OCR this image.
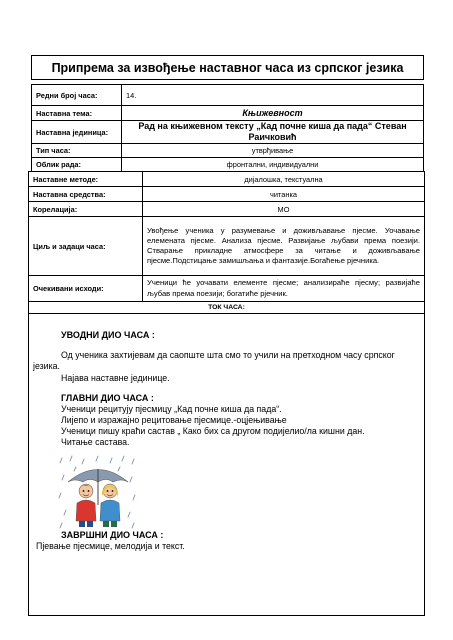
Припрема за извођење наставног часа из српског језика
Редни број часа:	14.
Наставна тема:	Књижевност
Наставна јединица:	Рад на књижевном тексту „Кад почне киша да пада“ Стеван Раичковић
Тип часа:	утврђивање
Облик рада:	фронтални, индивидуални
Наставне методе:	дијалошка, текстуална
Наставна средства:	читанка
Корелација:	МО
Циљ и задаци часа:	Увођење ученика у разумевање и доживљавање пјесме. Уочавање елемената пјесме. Анализа пјесме. Развијање љубави према поезији. Стварање прикладне атмосфере за читање и доживљавање пјесме.Подстицање замишљања и фантазије.Богаћење рјечника.
Очекивани исходи:	Ученици ће уочавати елементе пјесме; анализираће пјесму; развијаће љубав према поезији; богатиће рјечник.
ТОК ЧАСА:	
УВОДНИ ДИО ЧАСА :
Од ученика захтијевам да саопште шта смо то учили на претходном часу српског језика.
Најава наставне јединице.
ГЛАВНИ ДИО ЧАСА :
Ученици рецитују пјесмицу „Кад почне киша да пада“.
Лијепо и изражајно рецитовање пјесмице.-оцјењивање
Ученици пишу крaћи састав „ Како бих са другом подијелио/ла кишни дан.
Читање састава.
ЗАВРШНИ ДИО ЧАСА :
Пјевање пјесмице, мелодија и текст.
